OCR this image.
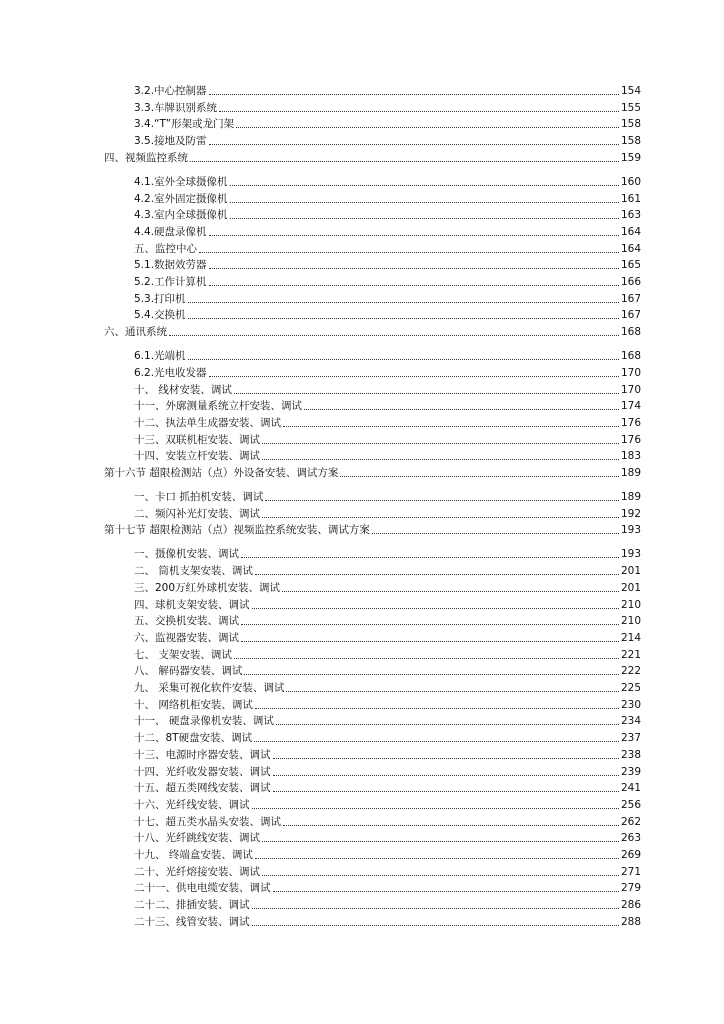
3.2.中心控制器	154
3.3.车牌识别系统	155
3.4.“T”形架或龙门架	158
3.5.接地及防雷	158
四、视频监控系统	159
4.1.室外全球摄像机	160
4.2.室外固定摄像机	161
4.3.室内全球摄像机	163
4.4.硬盘录像机	164
五、监控中心	164
5.1.数据效劳器	165
5.2.工作计算机	166
5.3.打印机	167
5.4.交换机	167
六、通讯系统	168
6.1.光端机	168
6.2.光电收发器	170
十、 线材安装、调试	170
十一、外廓测量系统立杆安装、调试	174
十二、执法单生成器安装、调试	176
十三、双联机柜安装、调试	176
十四、安装立杆安装、调试	183
第十六节 超限检测站（点）外设备安装、调试方案	189
一、卡口 抓拍机安装、调试	189
二、频闪补光灯安装、调试	192
第十七节 超限检测站（点）视频监控系统安装、调试方案	193
一、摄像机安装、调试	193
二、 筒机支架安装、调试	201
三、200万红外球机安装、调试	201
四、球机支架安装、调试	210
五、交换机安装、调试	210
六、监视器安装、调试	214
七、 支架安装、调试	221
八、 解码器安装、调试	222
九、 采集可视化软件安装、调试	225
十、 网络机柜安装、调试	230
十一、 硬盘录像机安装、调试	234
十二、8T硬盘安装、调试	237
十三、电源时序器安装、调试	238
十四、光纤收发器安装、调试	239
十五、超五类网线安装、调试	241
十六、光纤线安装、调试	256
十七、超五类水晶头安装、调试	262
十八、光纤跳线安装、调试	263
十九、 终端盒安装、调试	269
二十、光纤熔接安装、调试	271
二十一、供电电缆安装、调试	279
二十二、排插安装、调试	286
二十三、线管安装、调试	288
